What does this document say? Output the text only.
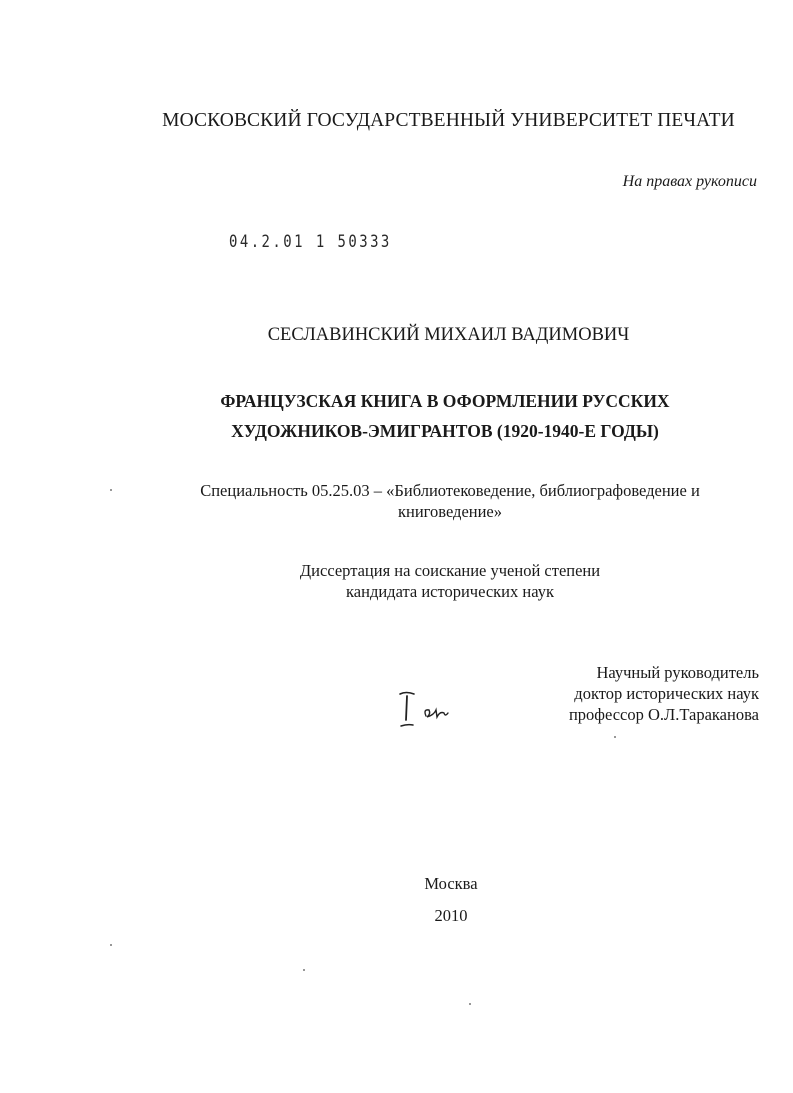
МОСКОВСКИЙ ГОСУДАРСТВЕННЫЙ УНИВЕРСИТЕТ ПЕЧАТИ

На правах рукописи

04.2.01 1 50333

СЕСЛАВИНСКИЙ МИХАИЛ ВАДИМОВИЧ

ФРАНЦУЗСКАЯ КНИГА В ОФОРМЛЕНИИ РУССКИХ
ХУДОЖНИКОВ-ЭМИГРАНТОВ (1920-1940-Е ГОДЫ)
Специальность 05.25.03 – «Библиотековедение, библиографоведение и
книговедение»
Диссертация на соискание ученой степени
кандидата исторических наук
Научный руководитель
доктор исторических наук
профессор О.Л.Тараканова

Москва

2010
